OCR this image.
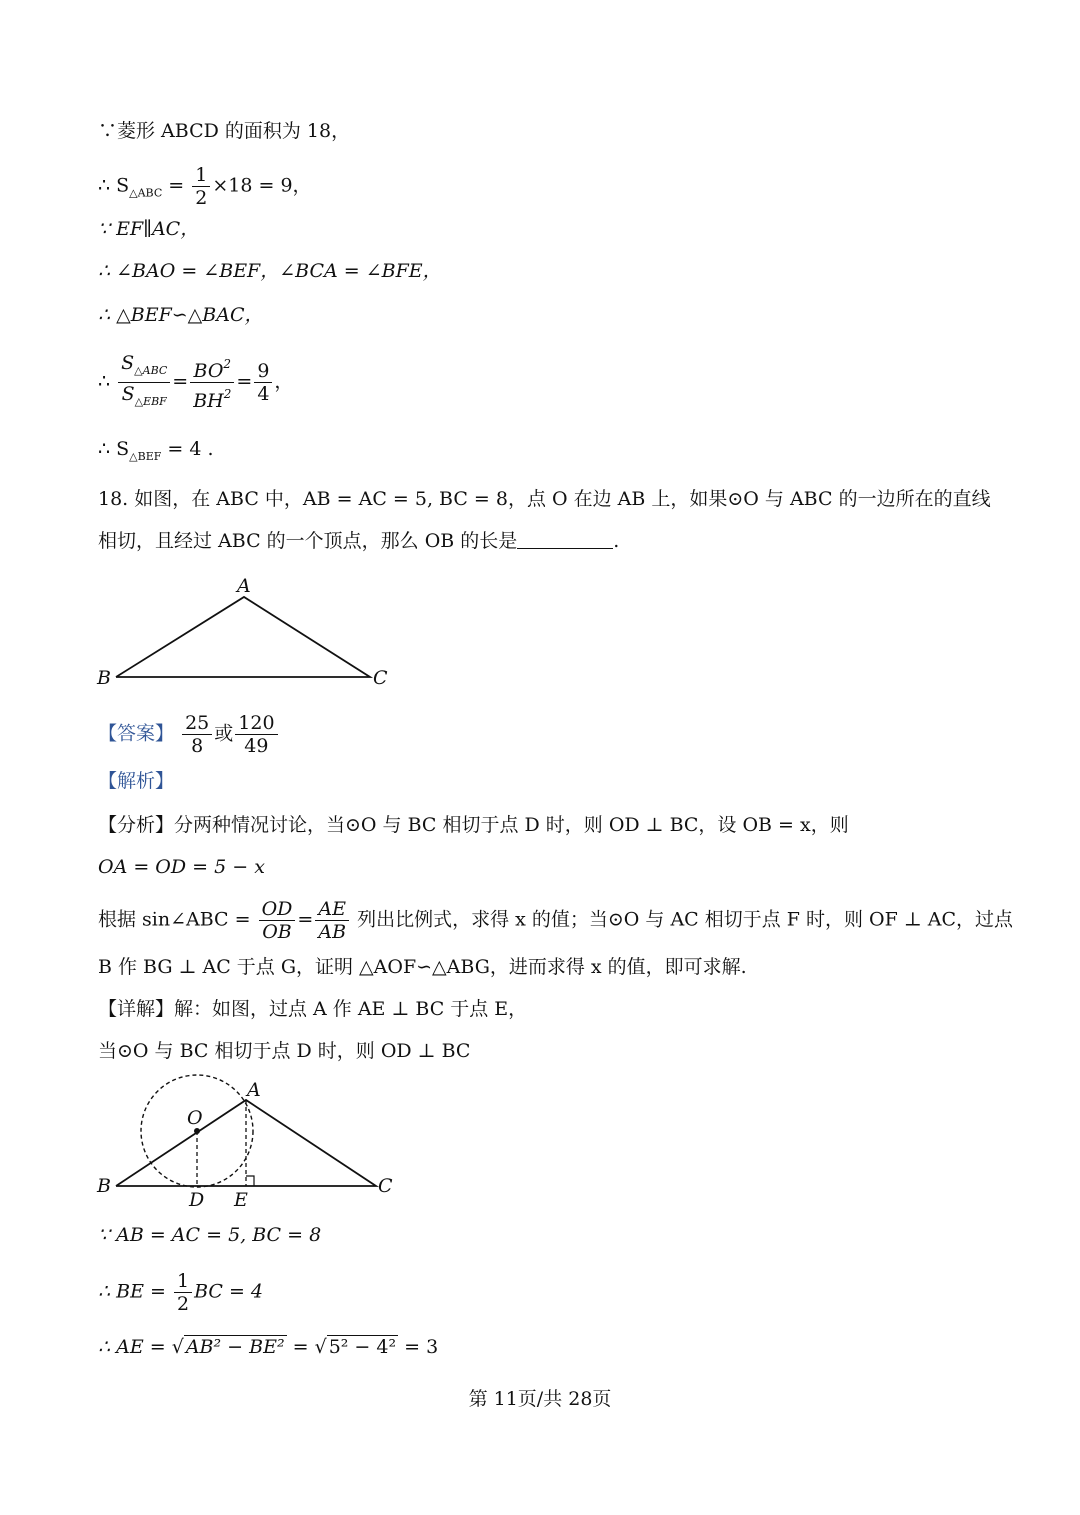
∵菱形 ABCD 的面积为 18，
∴ $S_{\triangle ABC} = \frac{1}{2} \times 18 = 9$，
∵ EF∥AC，
∴ ∠BAO = ∠BEF，∠BCA = ∠BFE，
∴ △BEF∽△BAC，
∴ $\frac{S_{\triangle ABC}}{S_{\triangle EBF}} = \frac{BO^2}{BH^2} = \frac{9}{4}$ ，
∴ $S_{\triangle BEF} = 4$ .
18. 如图，在 ABC 中，AB = AC = 5, BC = 8，点 O 在边 AB 上，如果⊙O 与 ABC 的一边所在的直线
相切，且经过 ABC 的一个顶点，那么 OB 的长是	.
A
B	C
【答案】 $\frac{25}{8}$ 或 $\frac{120}{49}$
【解析】
【分析】分两种情况讨论，当⊙O 与 BC 相切于点 D 时，则 OD ⊥ BC，设 OB = x，则
OA = OD = 5 − x
根据 sin∠ABC = $\frac{OD}{OB} = \frac{AE}{AB}$ 列出比例式，求得 x 的值；当⊙O 与 AC 相切于点 F 时，则 OF ⊥ AC，过点
B 作 BG ⊥ AC 于点 G，证明 △AOF∽△ABG，进而求得 x 的值，即可求解.
【详解】解：如图，过点 A 作 AE ⊥ BC 于点 E，
当⊙O 与 BC 相切于点 D 时，则 OD ⊥ BC
A
B	C
O
D E
∵ AB = AC = 5, BC = 8
∴ BE = $\frac{1}{2}$ BC = 4
∴ AE = √ AB² − BE² = √ 5² − 4² = 3
第 11页/共 28页
